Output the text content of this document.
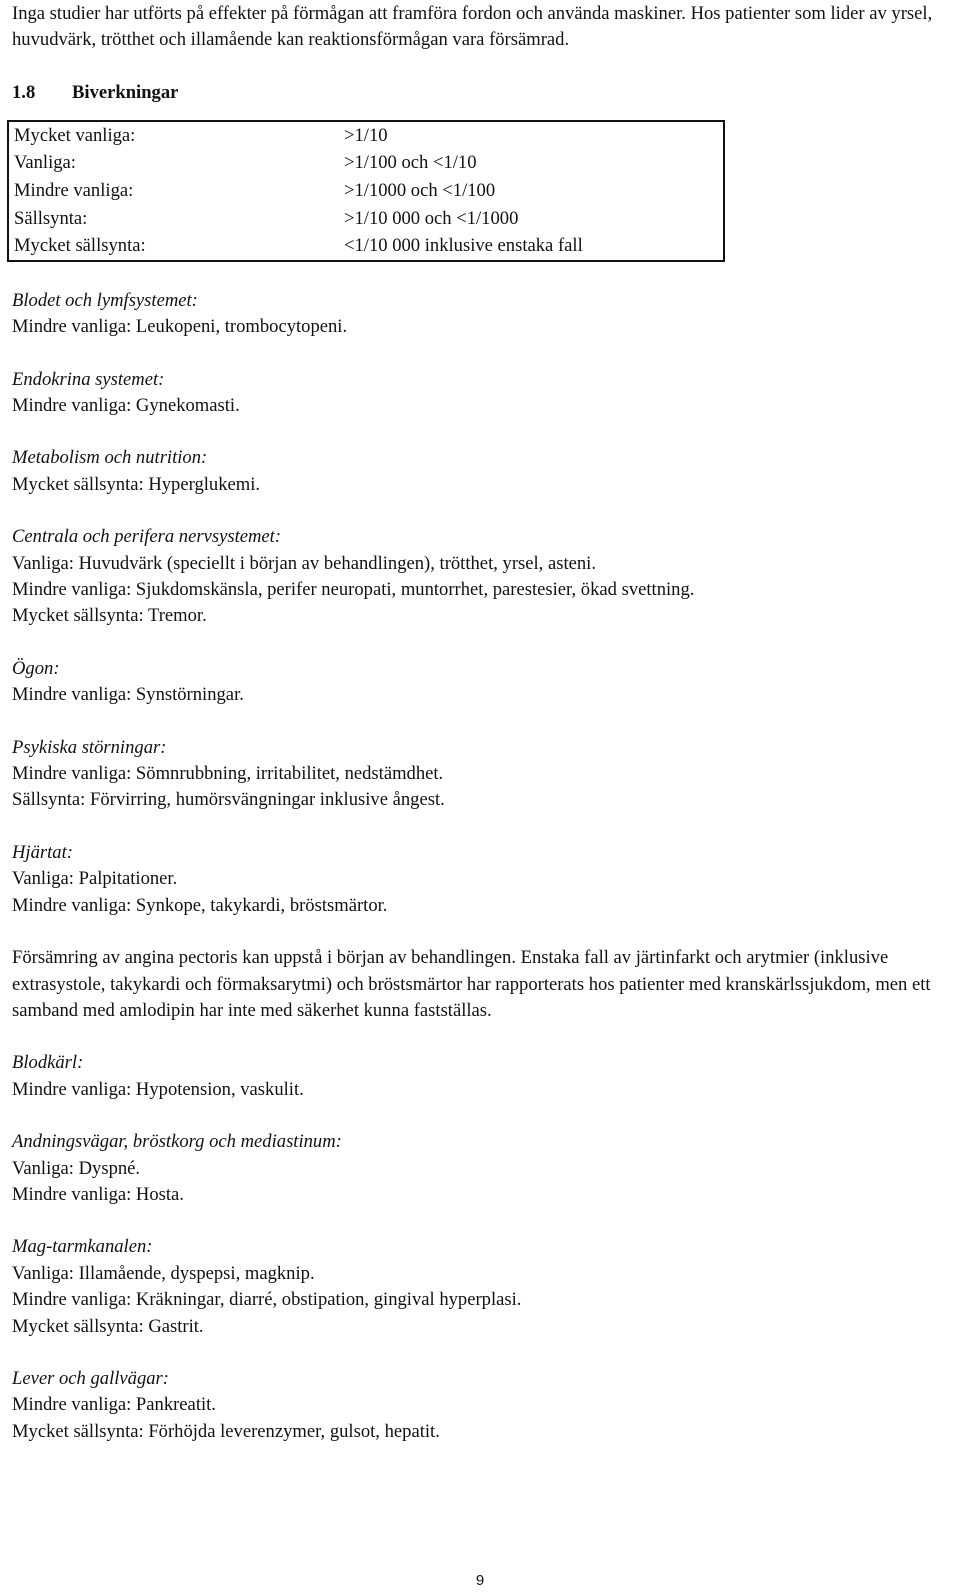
Inga studier har utförts på effekter på förmågan att framföra fordon och använda maskiner. Hos patienter som lider av yrsel, huvudvärk, trötthet och illamående kan reaktionsförmågan vara försämrad.

1.8	Biverkningar
Mycket vanliga:	>1/10
Vanliga:	>1/100 och <1/10
Mindre vanliga:	>1/1000 och <1/100
Sällsynta:	>1/10 000 och <1/1000
Mycket sällsynta:	<1/10 000 inklusive enstaka fall

Blodet och lymfsystemet:

Mindre vanliga: Leukopeni, trombocytopeni.

Endokrina systemet:

Mindre vanliga: Gynekomasti.

Metabolism och nutrition:

Mycket sällsynta: Hyperglukemi.

Centrala och perifera nervsystemet:

Vanliga: Huvudvärk (speciellt i början av behandlingen), trötthet, yrsel, asteni.

Mindre vanliga: Sjukdomskänsla, perifer neuropati, muntorrhet, parestesier, ökad svettning.

Mycket sällsynta: Tremor.

Ögon:

Mindre vanliga: Synstörningar.

Psykiska störningar:

Mindre vanliga: Sömnrubbning, irritabilitet, nedstämdhet.

Sällsynta: Förvirring, humörsvängningar inklusive ångest.

Hjärtat:

Vanliga: Palpitationer.

Mindre vanliga: Synkope, takykardi, bröstsmärtor.

Försämring av angina pectoris kan uppstå i början av behandlingen. Enstaka fall av järtinfarkt och arytmier (inklusive extrasystole, takykardi och förmaksarytmi) och bröstsmärtor har rapporterats hos patienter med kranskärlssjukdom, men ett samband med amlodipin har inte med säkerhet kunna fastställas.

Blodkärl:

Mindre vanliga: Hypotension, vaskulit.

Andningsvägar, bröstkorg och mediastinum:

Vanliga: Dyspné.

Mindre vanliga: Hosta.

Mag-tarmkanalen:

Vanliga: Illamående, dyspepsi, magknip.

Mindre vanliga: Kräkningar, diarré, obstipation, gingival hyperplasi.

Mycket sällsynta: Gastrit.

Lever och gallvägar:

Mindre vanliga: Pankreatit.

Mycket sällsynta: Förhöjda leverenzymer, gulsot, hepatit.

9
